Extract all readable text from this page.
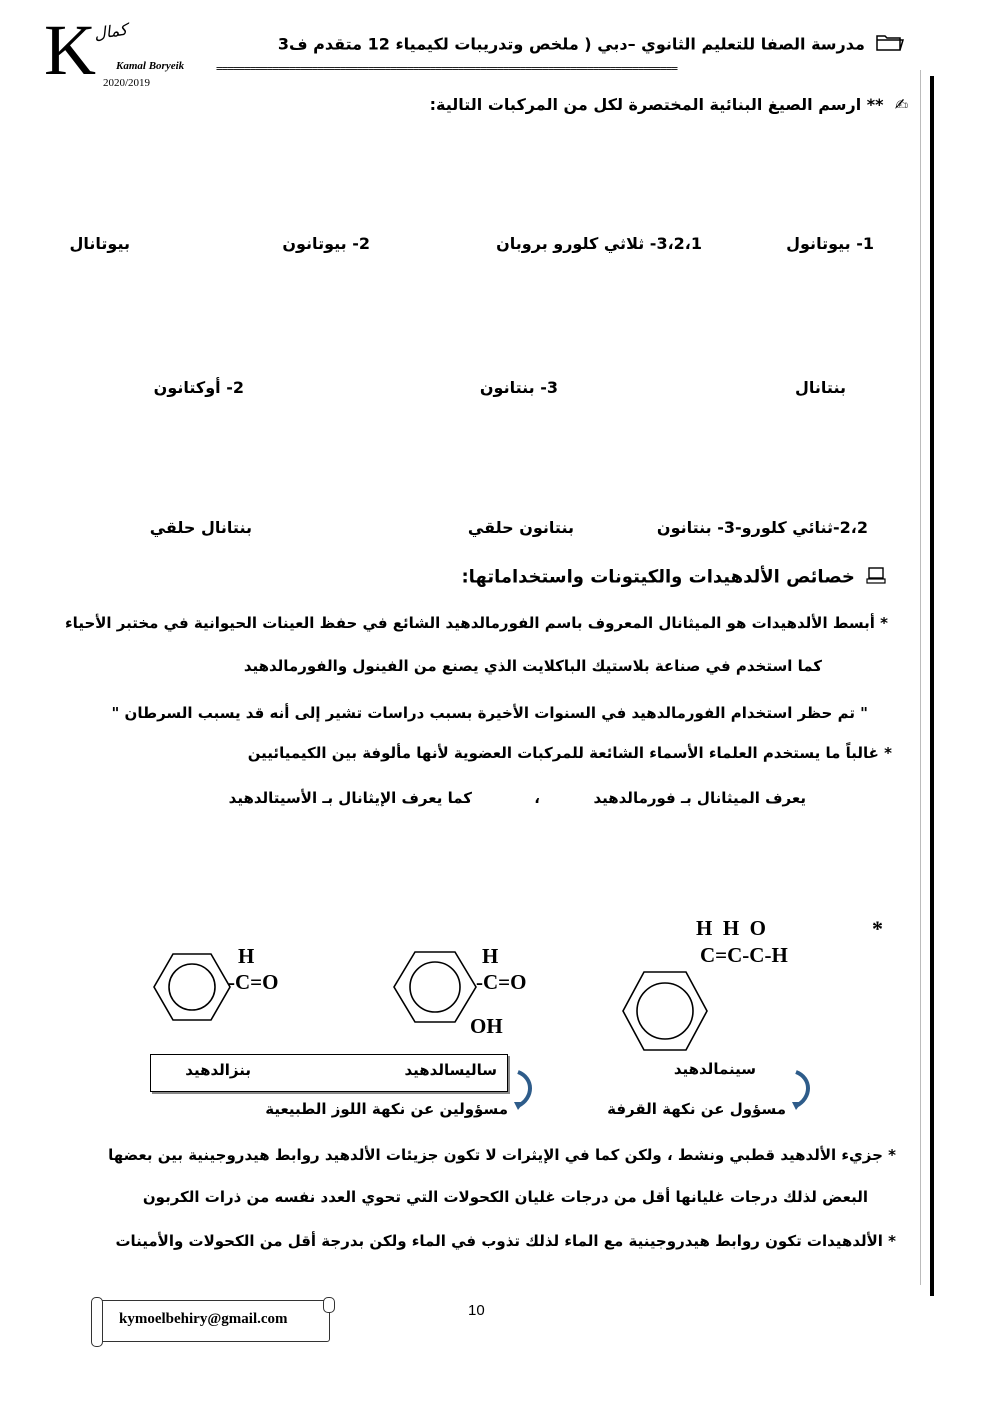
K
كمال
Kamal Boryeik
2020/2019
مدرسة الصفا للتعليم الثانوي –دبي ( ملخص وتدريبات لكيمياء 12 متقدم ف3
==================================================================================
✍ ** ارسم الصيغ البنائية المختصرة لكل من المركبات التالية:
1- بيوتانول
3،2،1- ثلاثي كلورو بروبان
2- بيوتانون
بيوتانال
بنتانال
3- بنتانون
2- أوكتانون
2،2-ثنائي كلورو-3- بنتانون
بنتانون حلقي
بنتانال حلقي
خصائص الألدهيدات والكيتونات واستخداماتها:
* أبسط الألدهيدات هو الميثانال المعروف باسم الفورمالدهيد الشائع في حفظ العينات الحيوانية في مختبر الأحياء
كما استخدم في صناعة بلاستيك الباكلايت الذي يصنع من الفينول والفورمالدهيد
" تم حظر استخدام الفورمالدهيد في السنوات الأخيرة بسبب دراسات تشير إلى أنه قد يسبب السرطان "
* غالباً ما يستخدم العلماء الأسماء الشائعة للمركبات العضوية لأنها مألوفة بين الكيميائيين
يعرف الميثانال بـ فورمالدهيد
،
كما يعرف الإيثانال بـ الأسيتالدهيد
*
H  H  O
C=C-C-H
سينمالدهيد
H
-C=O
OH
H
-C=O
ساليسالدهيد
بنزالدهيد
مسؤول عن نكهة القرفة
مسؤولين عن نكهة اللوز الطبيعية
* جزيء الألدهيد قطبي ونشط ، ولكن كما في الإيثرات لا تكون جزيئات الألدهيد روابط هيدروجينية بين بعضها
البعض لذلك درجات غليانها أقل من درجات غليان الكحولات التي تحوي العدد نفسه من ذرات الكربون
* الألدهيدات تكون روابط هيدروجينية مع الماء لذلك تذوب في الماء ولكن بدرجة أقل من الكحولات والأمينات
kymoelbehiry@gmail.com	10
